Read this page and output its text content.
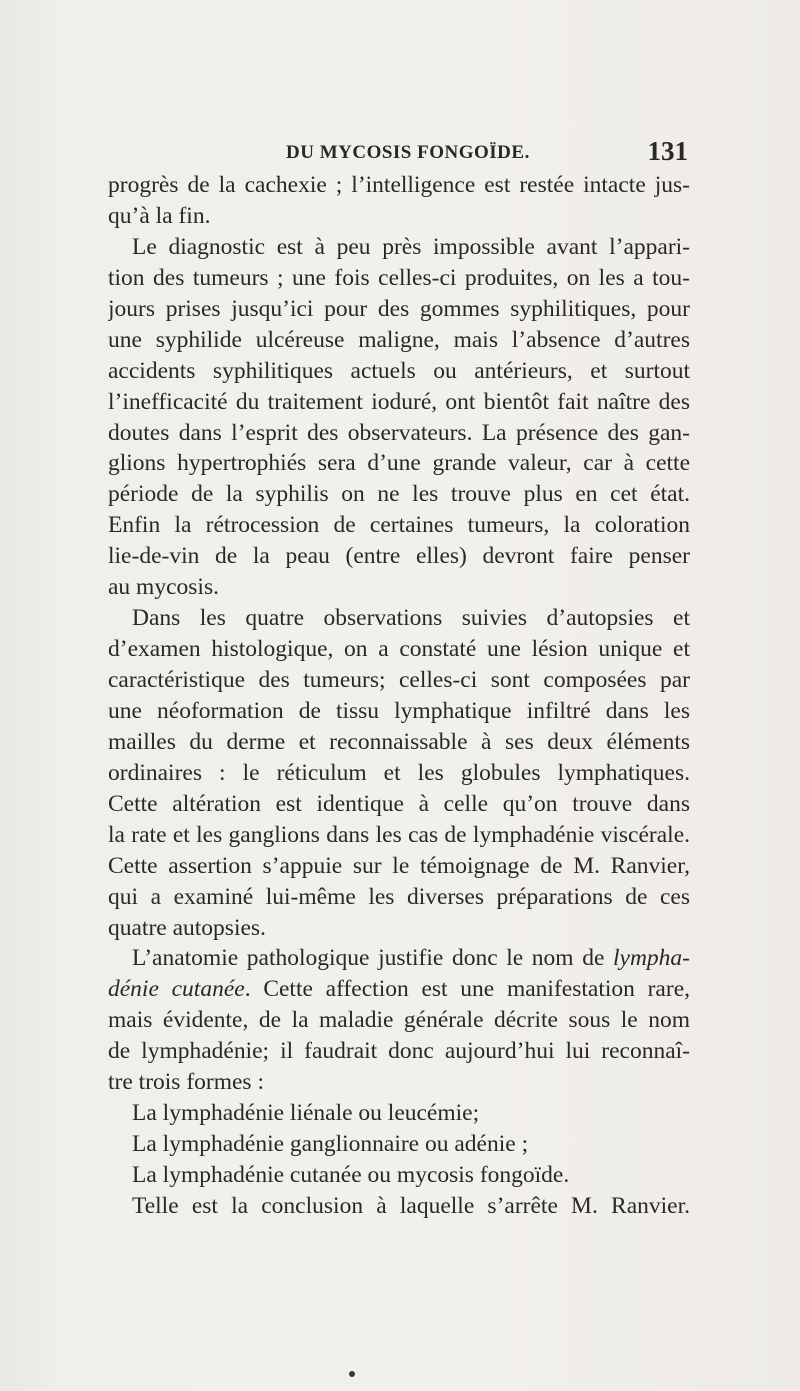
DU MYCOSIS FONGOÏDE.	131
progrès de la cachexie ; l’intelligence est restée intacte jus-
qu’à la fin.
Le diagnostic est à peu près impossible avant l’appari-
tion des tumeurs ; une fois celles-ci produites, on les a tou-
jours prises jusqu’ici pour des gommes syphilitiques, pour
une syphilide ulcéreuse maligne, mais l’absence d’autres
accidents syphilitiques actuels ou antérieurs, et surtout
l’inefficacité du traitement ioduré, ont bientôt fait naître des
doutes dans l’esprit des observateurs. La présence des gan-
glions hypertrophiés sera d’une grande valeur, car à cette
période de la syphilis on ne les trouve plus en cet état.
Enfin la rétrocession de certaines tumeurs, la coloration
lie-de-vin de la peau (entre elles) devront faire penser
au mycosis.
Dans les quatre observations suivies d’autopsies et
d’examen histologique, on a constaté une lésion unique et
caractéristique des tumeurs; celles-ci sont composées par
une néoformation de tissu lymphatique infiltré dans les
mailles du derme et reconnaissable à ses deux éléments
ordinaires : le réticulum et les globules lymphatiques.
Cette altération est identique à celle qu’on trouve dans
la rate et les ganglions dans les cas de lymphadénie viscérale.
Cette assertion s’appuie sur le témoignage de M. Ranvier,
qui a examiné lui-même les diverses préparations de ces
quatre autopsies.
L’anatomie pathologique justifie donc le nom de lympha-
dénie cutanée. Cette affection est une manifestation rare,
mais évidente, de la maladie générale décrite sous le nom
de lymphadénie; il faudrait donc aujourd’hui lui reconnaî-
tre trois formes :
La lymphadénie liénale ou leucémie;
La lymphadénie ganglionnaire ou adénie ;
La lymphadénie cutanée ou mycosis fongoïde.
Telle est la conclusion à laquelle s’arrête M. Ranvier.
